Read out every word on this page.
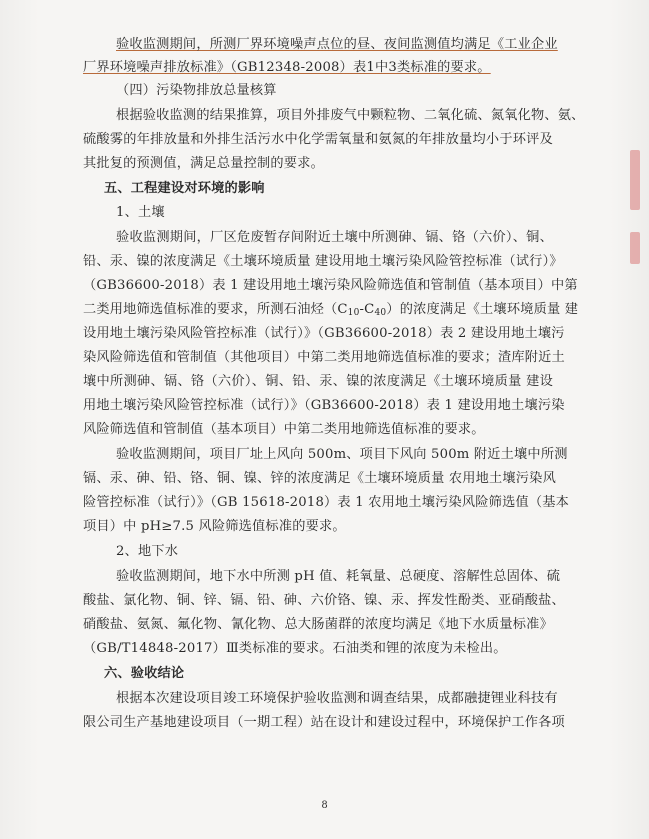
验收监测期间，所测厂界环境噪声点位的昼、夜间监测值均满足《工业企业
厂界环境噪声排放标准》（GB12348-2008）表1中3类标准的要求。
（四）污染物排放总量核算
根据验收监测的结果推算，项目外排废气中颗粒物、二氧化硫、氮氧化物、氨、
硫酸雾的年排放量和外排生活污水中化学需氧量和氨氮的年排放量均小于环评及
其批复的预测值，满足总量控制的要求。
五、工程建设对环境的影响
1、土壤
验收监测期间，厂区危废暂存间附近土壤中所测砷、镉、铬（六价）、铜、
铅、汞、镍的浓度满足《土壤环境质量 建设用地土壤污染风险管控标准（试行）》
（GB36600-2018）表 1 建设用地土壤污染风险筛选值和管制值（基本项目）中第
二类用地筛选值标准的要求，所测石油烃$(C_{10}-C_{40})$的浓度满足《土壤环境质量 建
设用地土壤污染风险管控标准（试行）》（GB36600-2018）表 2 建设用地土壤污
染风险筛选值和管制值（其他项目）中第二类用地筛选值标准的要求；渣库附近土
壤中所测砷、镉、铬（六价）、铜、铅、汞、镍的浓度满足《土壤环境质量 建设
用地土壤污染风险管控标准（试行）》（GB36600-2018）表 1 建设用地土壤污染
风险筛选值和管制值（基本项目）中第二类用地筛选值标准的要求。
验收监测期间，项目厂址上风向 500m、项目下风向 500m 附近土壤中所测
镉、汞、砷、铅、铬、铜、镍、锌的浓度满足《土壤环境质量 农用地土壤污染风
险管控标准（试行）》（GB 15618-2018）表 1 农用地土壤污染风险筛选值（基本
项目）中 pH≥7.5 风险筛选值标准的要求。
2、地下水
验收监测期间，地下水中所测 pH 值、耗氧量、总硬度、溶解性总固体、硫
酸盐、氯化物、铜、锌、镉、铅、砷、六价铬、镍、汞、挥发性酚类、亚硝酸盐、
硝酸盐、氨氮、氟化物、氰化物、总大肠菌群的浓度均满足《地下水质量标准》
（GB/T14848-2017）Ⅲ类标准的要求。石油类和锂的浓度为未检出。
六、验收结论
根据本次建设项目竣工环境保护验收监测和调查结果，成都融捷锂业科技有
限公司生产基地建设项目（一期工程）站在设计和建设过程中，环境保护工作各项
8
